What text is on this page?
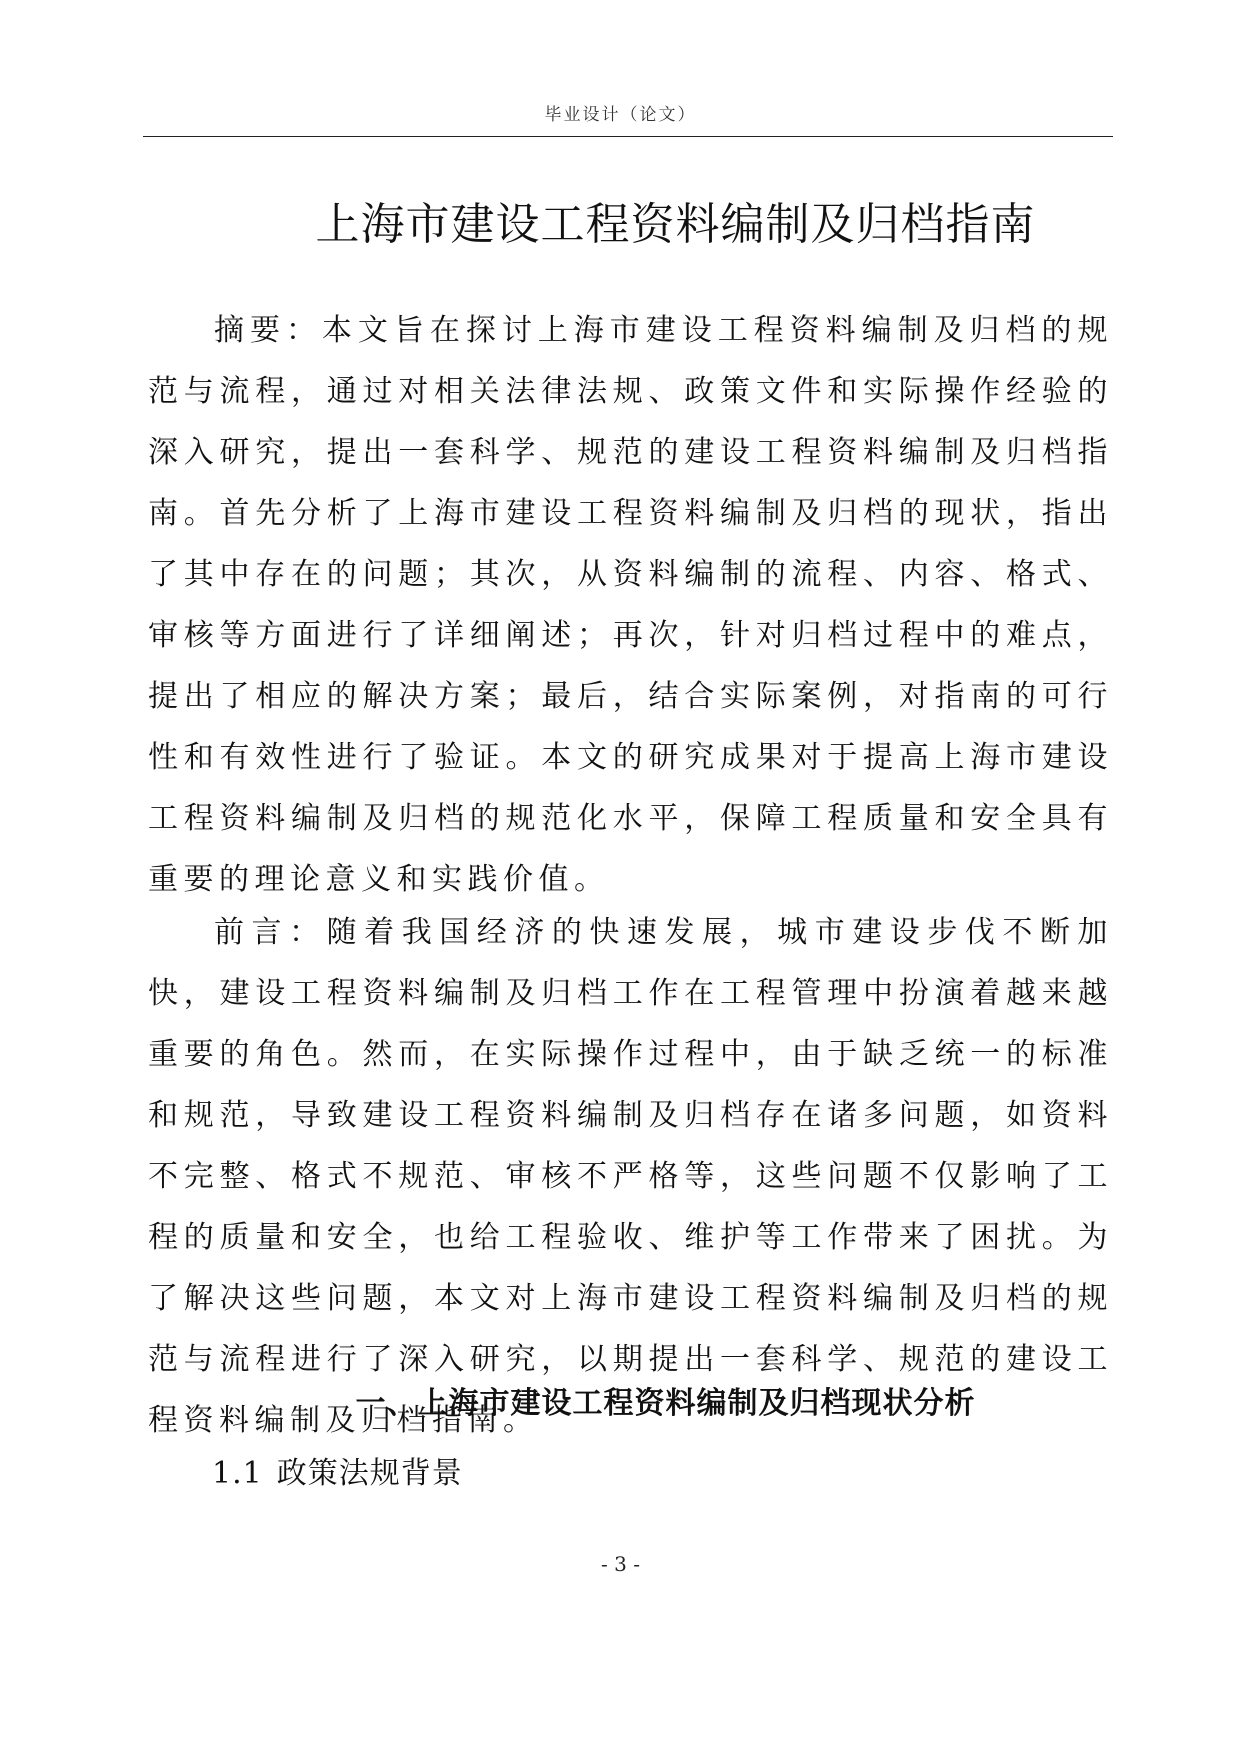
毕业设计（论文）
上海市建设工程资料编制及归档指南

摘要：本文旨在探讨上海市建设工程资料编制及归档的规范与流程，通过对相关法律法规、政策文件和实际操作经验的深入研究，提出一套科学、规范的建设工程资料编制及归档指南。首先分析了上海市建设工程资料编制及归档的现状，指出了其中存在的问题；其次，从资料编制的流程、内容、格式、审核等方面进行了详细阐述；再次，针对归档过程中的难点，提出了相应的解决方案；最后，结合实际案例，对指南的可行性和有效性进行了验证。本文的研究成果对于提高上海市建设工程资料编制及归档的规范化水平，保障工程质量和安全具有重要的理论意义和实践价值。

前言：随着我国经济的快速发展，城市建设步伐不断加快，建设工程资料编制及归档工作在工程管理中扮演着越来越重要的角色。然而，在实际操作过程中，由于缺乏统一的标准和规范，导致建设工程资料编制及归档存在诸多问题，如资料不完整、格式不规范、审核不严格等，这些问题不仅影响了工程的质量和安全，也给工程验收、维护等工作带来了困扰。为了解决这些问题，本文对上海市建设工程资料编制及归档的规范与流程进行了深入研究，以期提出一套科学、规范的建设工程资料编制及归档指南。

一、上海市建设工程资料编制及归档现状分析
1.1 政策法规背景
- 3 -
